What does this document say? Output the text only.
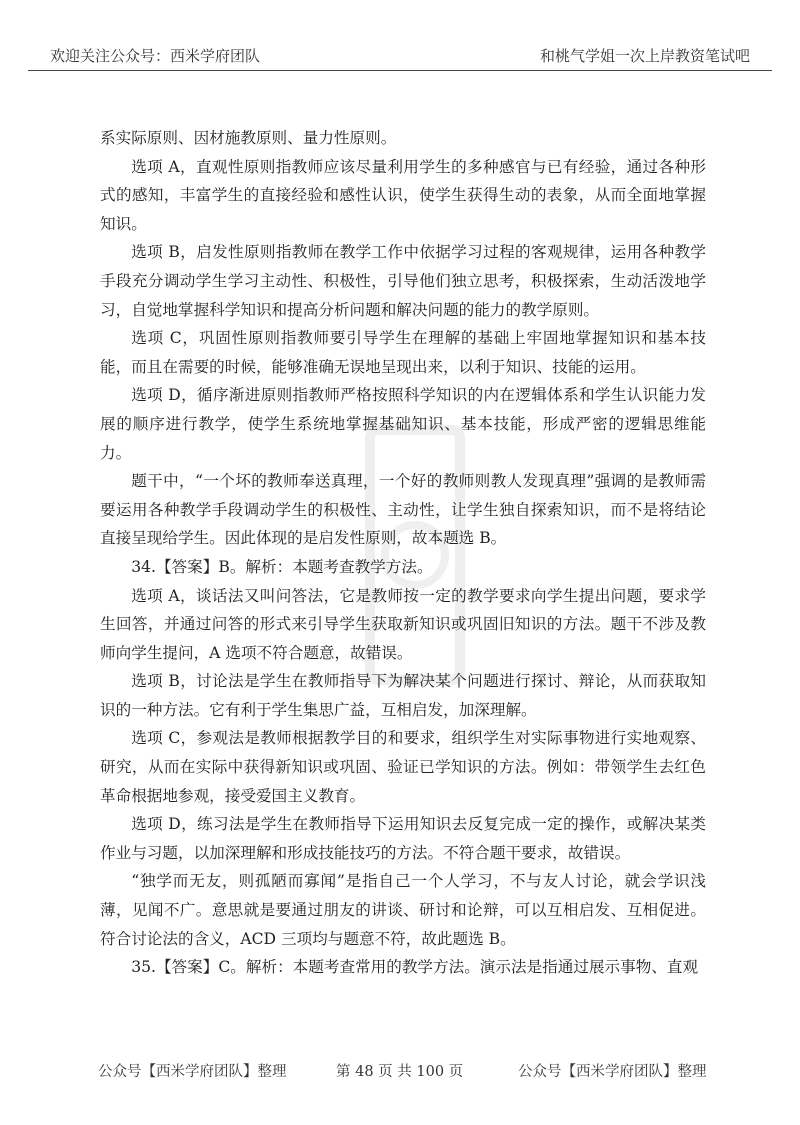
欢迎关注公众号：西米学府团队	和桃气学姐一次上岸教资笔试吧

系实际原则、因材施教原则、量力性原则。

选项 A，直观性原则指教师应该尽量利用学生的多种感官与已有经验，通过各种形式的感知，丰富学生的直接经验和感性认识，使学生获得生动的表象，从而全面地掌握知识。

选项 B，启发性原则指教师在教学工作中依据学习过程的客观规律，运用各种教学手段充分调动学生学习主动性、积极性，引导他们独立思考，积极探索，生动活泼地学习，自觉地掌握科学知识和提高分析问题和解决问题的能力的教学原则。

选项 C，巩固性原则指教师要引导学生在理解的基础上牢固地掌握知识和基本技能，而且在需要的时候，能够准确无误地呈现出来，以利于知识、技能的运用。

选项 D，循序渐进原则指教师严格按照科学知识的内在逻辑体系和学生认识能力发展的顺序进行教学，使学生系统地掌握基础知识、基本技能，形成严密的逻辑思维能力。

题干中，“一个坏的教师奉送真理，一个好的教师则教人发现真理”强调的是教师需要运用各种教学手段调动学生的积极性、主动性，让学生独自探索知识，而不是将结论直接呈现给学生。因此体现的是启发性原则，故本题选 B。

34.【答案】B。解析：本题考查教学方法。

选项 A，谈话法又叫问答法，它是教师按一定的教学要求向学生提出问题，要求学生回答，并通过问答的形式来引导学生获取新知识或巩固旧知识的方法。题干不涉及教师向学生提问，A 选项不符合题意，故错误。

选项 B，讨论法是学生在教师指导下为解决某个问题进行探讨、辩论，从而获取知识的一种方法。它有利于学生集思广益，互相启发，加深理解。

选项 C，参观法是教师根据教学目的和要求，组织学生对实际事物进行实地观察、研究，从而在实际中获得新知识或巩固、验证已学知识的方法。例如：带领学生去红色革命根据地参观，接受爱国主义教育。

选项 D，练习法是学生在教师指导下运用知识去反复完成一定的操作，或解决某类作业与习题，以加深理解和形成技能技巧的方法。不符合题干要求，故错误。

“独学而无友，则孤陋而寡闻”是指自己一个人学习，不与友人讨论，就会学识浅薄，见闻不广。意思就是要通过朋友的讲谈、研讨和论辩，可以互相启发、互相促进。符合讨论法的含义，ACD 三项均与题意不符，故此题选 B。

35.【答案】C。解析：本题考查常用的教学方法。演示法是指通过展示事物、直观

公众号【西米学府团队】整理	第 48 页 共 100 页	公众号【西米学府团队】整理
